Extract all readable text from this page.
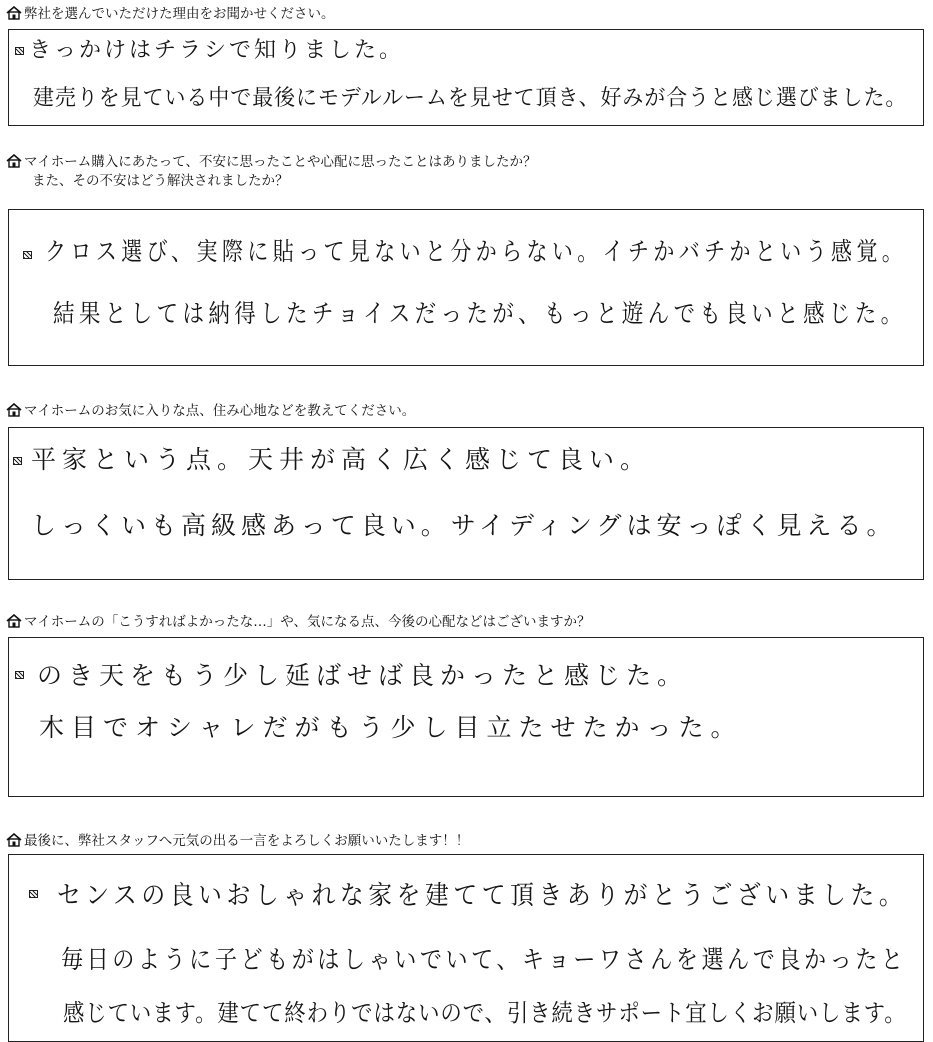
弊社を選んでいただけた理由をお聞かせください。
きっかけはチラシで知りました。
建売りを見ている中で最後にモデルルームを見せて頂き、好みが合うと感じ選びました。
マイホーム購入にあたって、不安に思ったことや心配に思ったことはありましたか？
また、その不安はどう解決されましたか？
クロス選び、実際に貼って見ないと分からない。イチかバチかという感覚。
結果としては納得したチョイスだったが、もっと遊んでも良いと感じた。
マイホームのお気に入りな点、住み心地などを教えてください。
平家という点。天井が高く広く感じて良い。
しっくいも高級感あって良い。サイディングは安っぽく見える。
マイホームの「こうすればよかったな…」や、気になる点、今後の心配などはございますか？
のき天をもう少し延ばせば良かったと感じた。
木目でオシャレだがもう少し目立たせたかった。
最後に、弊社スタッフへ元気の出る一言をよろしくお願いいたします！！
センスの良いおしゃれな家を建てて頂きありがとうございました。
毎日のように子どもがはしゃいでいて、キョーワさんを選んで良かったと
感じています。建てて終わりではないので、引き続きサポート宜しくお願いします。
